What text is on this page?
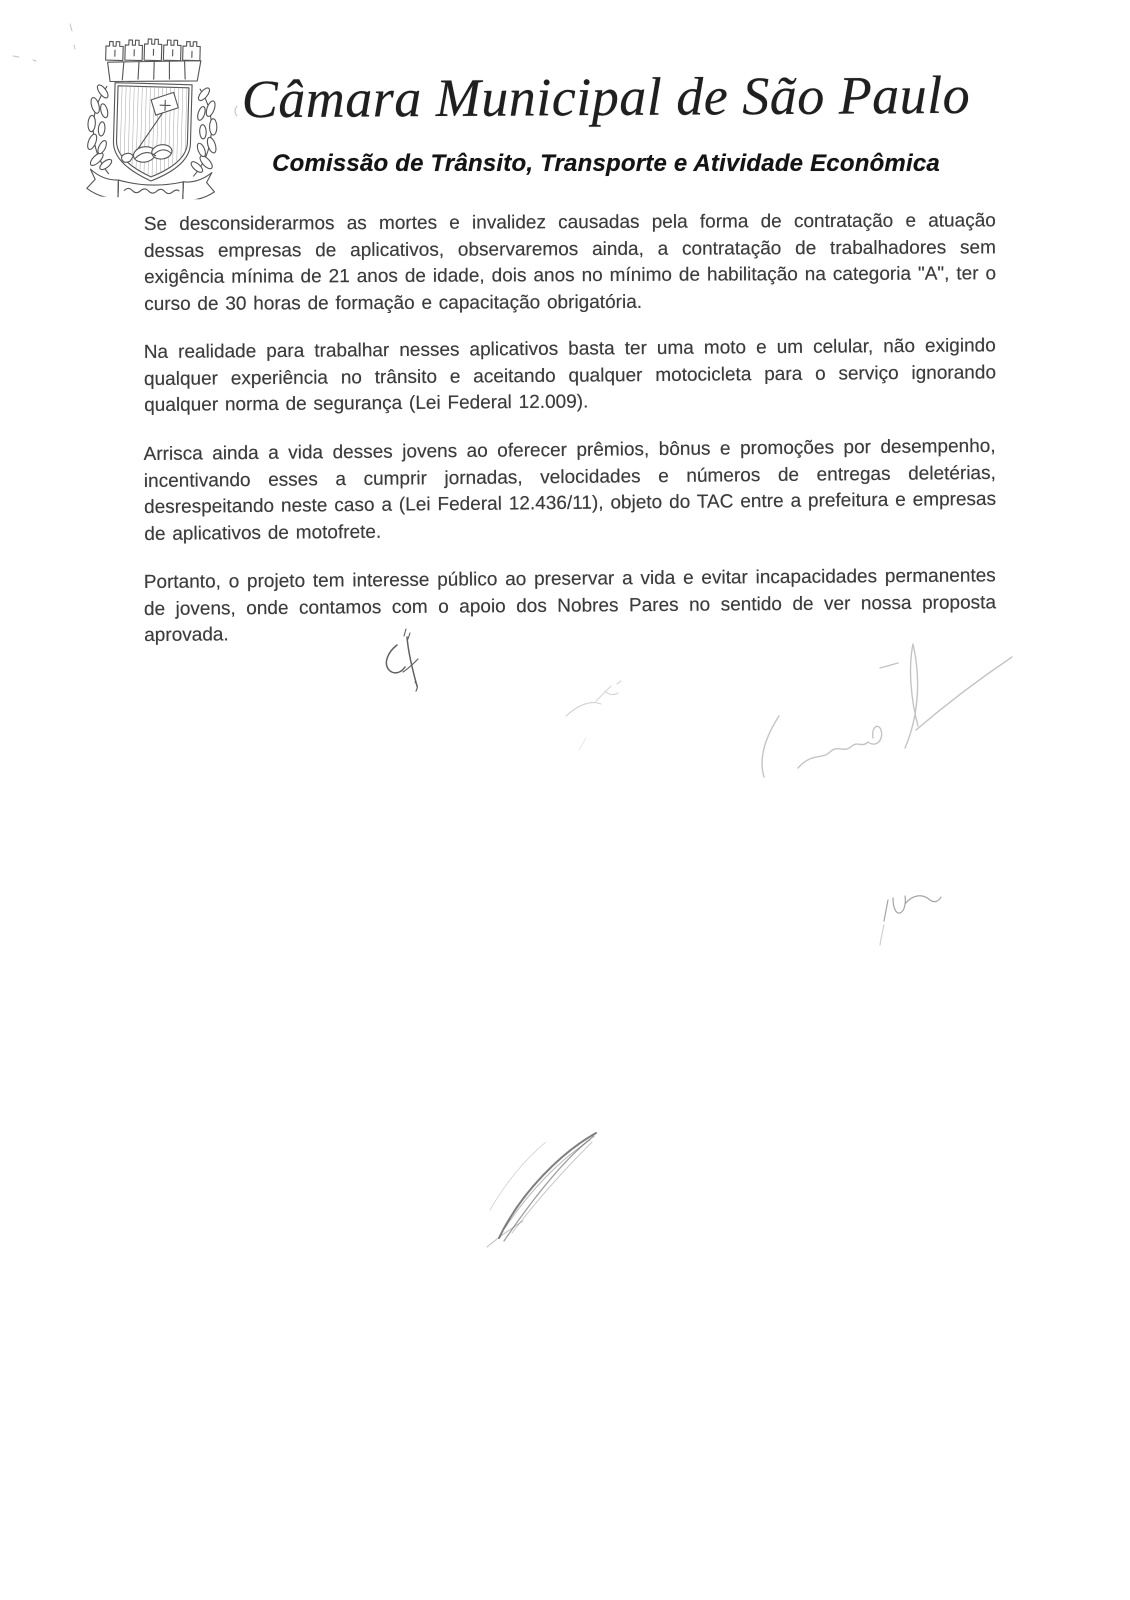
Câmara Municipal de São Paulo
Comissão de Trânsito, Transporte e Atividade Econômica

Se desconsiderarmos as mortes e invalidez causadas pela forma de contratação e atuação dessas empresas de aplicativos, observaremos ainda, a contratação de trabalhadores sem exigência mínima de 21 anos de idade, dois anos no mínimo de habilitação na categoria "A", ter o curso de 30 horas de formação e capacitação obrigatória.

Na realidade para trabalhar nesses aplicativos basta ter uma moto e um celular, não exigindo qualquer experiência no trânsito e aceitando qualquer motocicleta para o serviço ignorando qualquer norma de segurança (Lei Federal 12.009).

Arrisca ainda a vida desses jovens ao oferecer prêmios, bônus e promoções por desempenho, incentivando esses a cumprir jornadas, velocidades e números de entregas deletérias, desrespeitando neste caso a (Lei Federal 12.436/11), objeto do TAC entre a prefeitura e empresas de aplicativos de motofrete.

Portanto, o projeto tem interesse público ao preservar a vida e evitar incapacidades permanentes de jovens, onde contamos com o apoio dos Nobres Pares no sentido de ver nossa proposta aprovada.
